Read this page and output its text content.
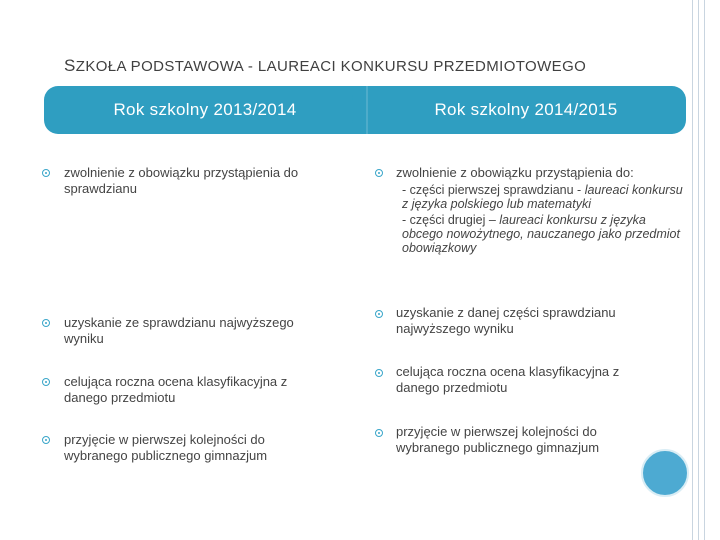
SZKOŁA PODSTAWOWA - LAUREACI KONKURSU PRZEDMIOTOWEGO
Rok szkolny 2013/2014	Rok szkolny 2014/2015
zwolnienie z obowiązku przystąpienia do sprawdzianu
uzyskanie ze sprawdzianu najwyższego wyniku
celująca roczna ocena klasyfikacyjna z danego przedmiotu
przyjęcie w pierwszej kolejności do wybranego publicznego gimnazjum
zwolnienie z obowiązku przystąpienia do:
- części pierwszej sprawdzianu - laureaci konkursu z języka polskiego lub matematyki
- części drugiej – laureaci konkursu z języka obcego nowożytnego, nauczanego jako przedmiot obowiązkowy
uzyskanie z danej części sprawdzianu najwyższego wyniku
celująca roczna ocena klasyfikacyjna z danego przedmiotu
przyjęcie w pierwszej kolejności do wybranego publicznego gimnazjum
